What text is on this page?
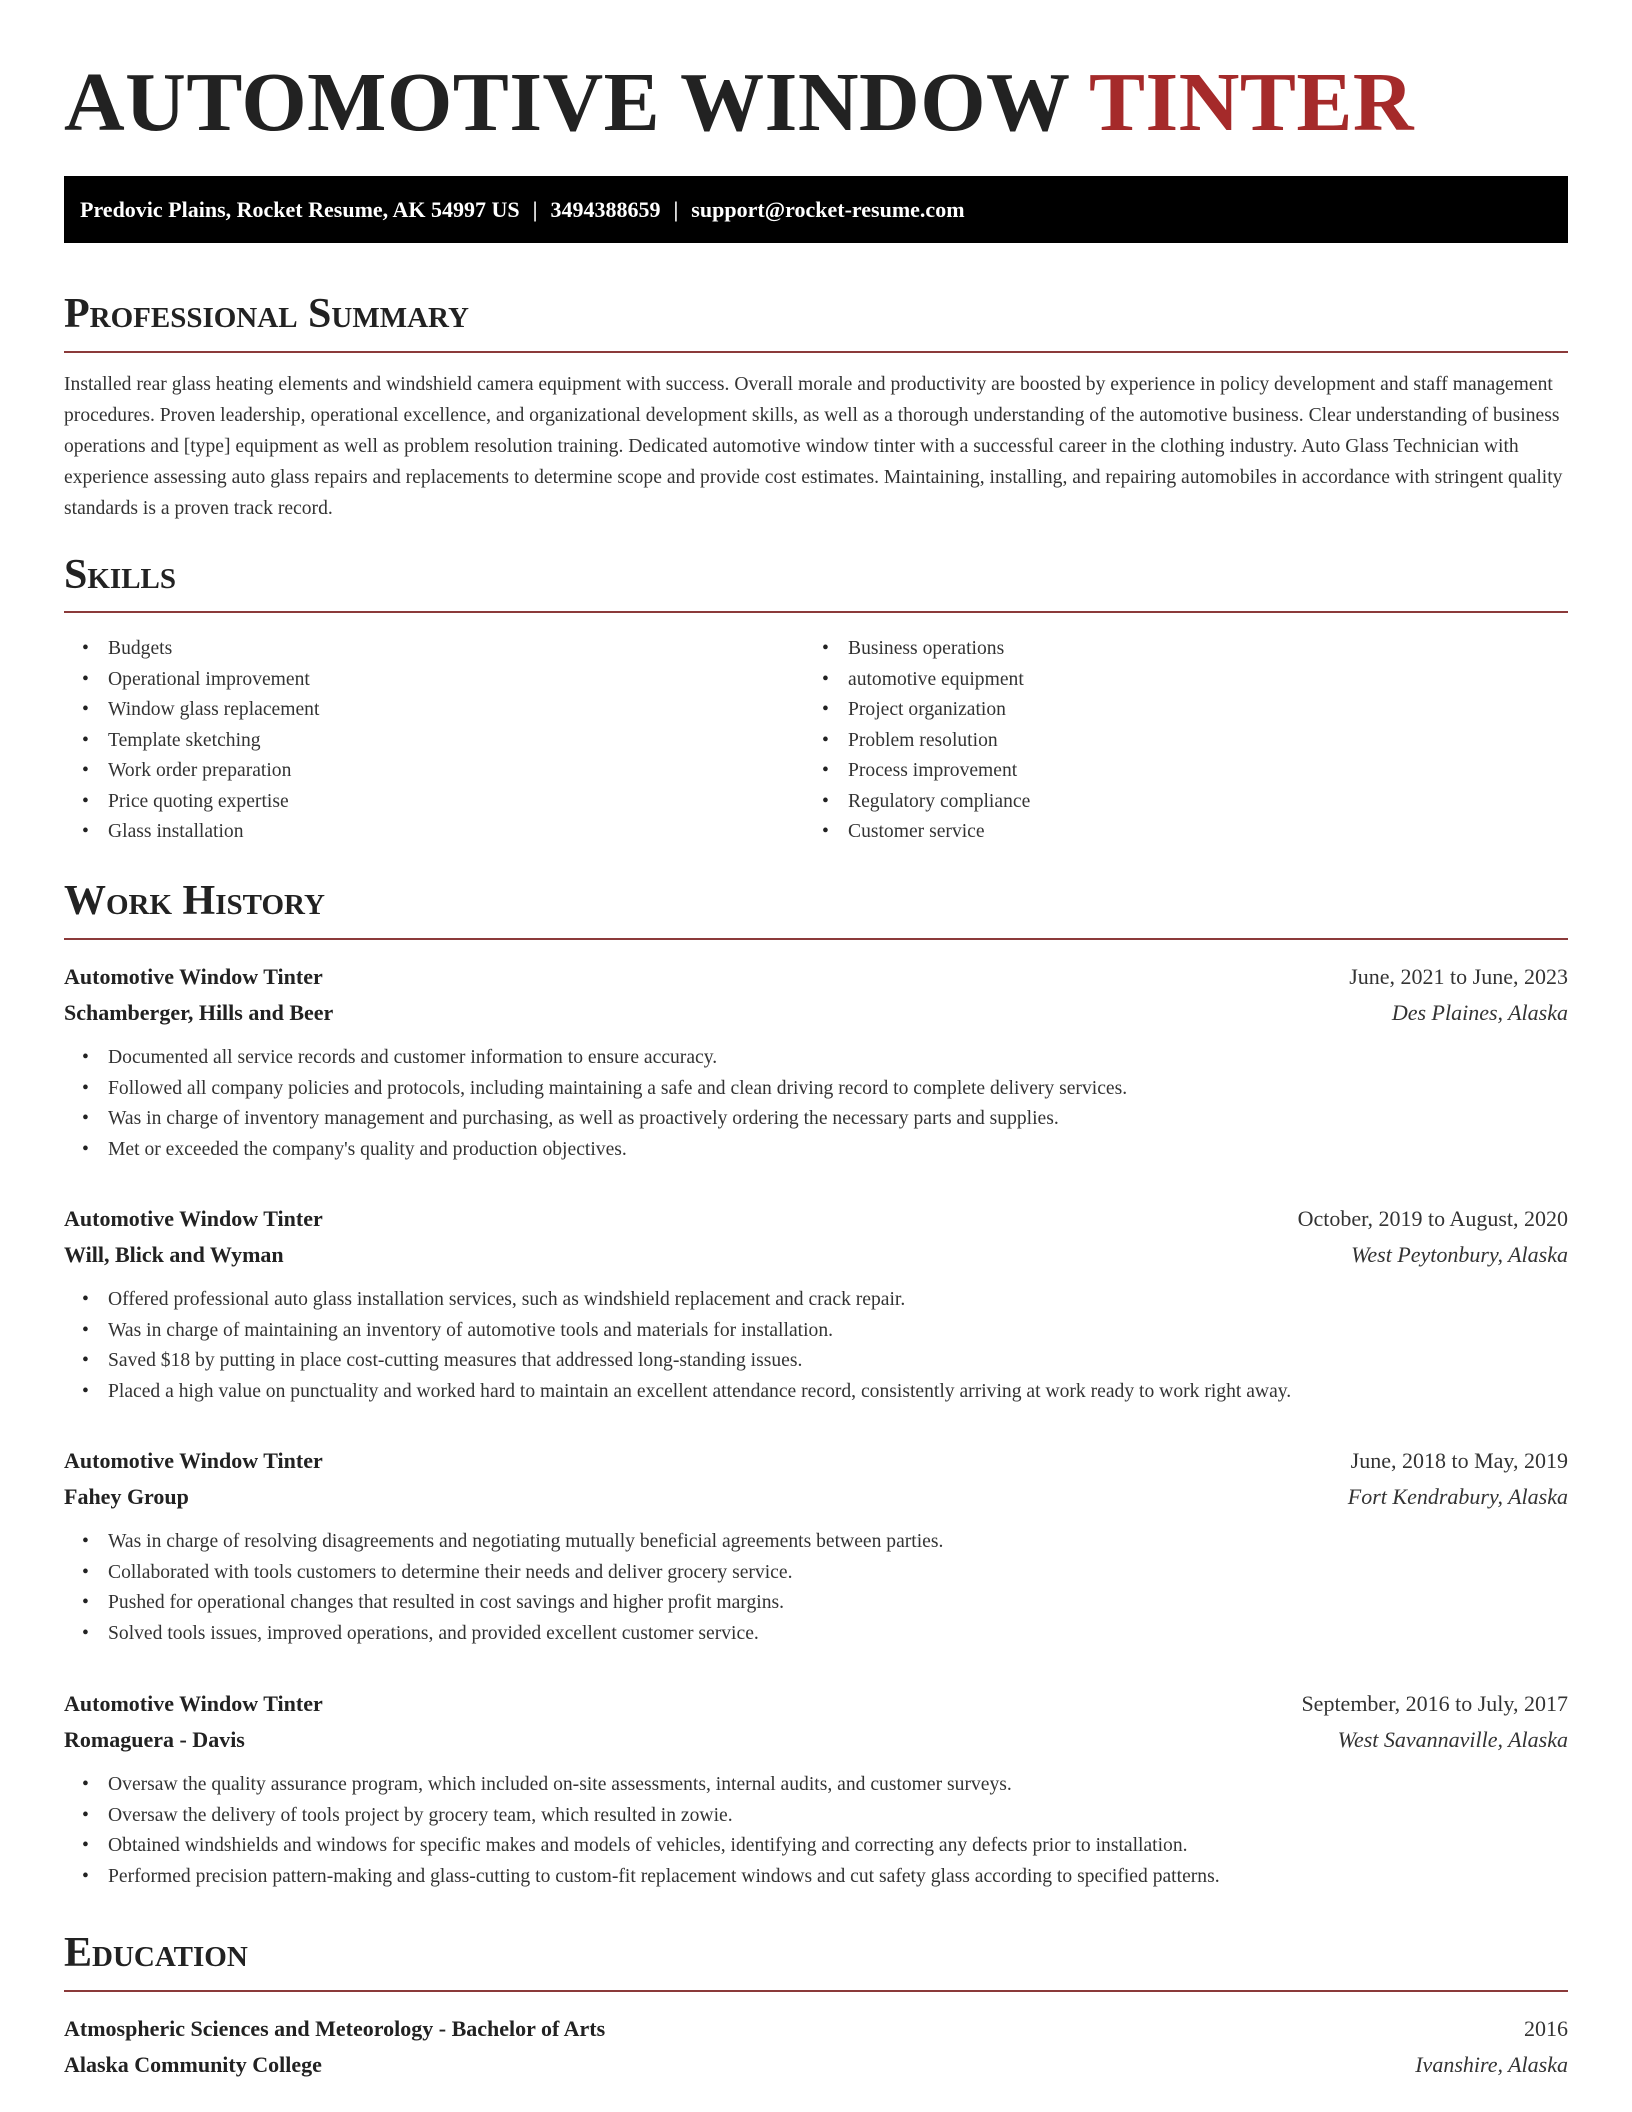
AUTOMOTIVE WINDOW TINTER
Predovic Plains, Rocket Resume, AK 54997 US | 3494388659 | support@rocket-resume.com
Professional Summary

Installed rear glass heating elements and windshield camera equipment with success. Overall morale and productivity are boosted by experience in policy development and staff management procedures. Proven leadership, operational excellence, and organizational development skills, as well as a thorough understanding of the automotive business. Clear understanding of business operations and [type] equipment as well as problem resolution training. Dedicated automotive window tinter with a successful career in the clothing industry. Auto Glass Technician with experience assessing auto glass repairs and replacements to determine scope and provide cost estimates. Maintaining, installing, and repairing automobiles in accordance with stringent quality standards is a proven track record.

Skills
• Budgets
• Operational improvement
• Window glass replacement
• Template sketching
• Work order preparation
• Price quoting expertise
• Glass installation
• Business operations
• automotive equipment
• Project organization
• Problem resolution
• Process improvement
• Regulatory compliance
• Customer service
Work History
Automotive Window Tinter	June, 2021 to June, 2023
Schamberger, Hills and Beer	Des Plaines, Alaska
• Documented all service records and customer information to ensure accuracy.
• Followed all company policies and protocols, including maintaining a safe and clean driving record to complete delivery services.
• Was in charge of inventory management and purchasing, as well as proactively ordering the necessary parts and supplies.
• Met or exceeded the company's quality and production objectives.
Automotive Window Tinter	October, 2019 to August, 2020
Will, Blick and Wyman	West Peytonbury, Alaska
• Offered professional auto glass installation services, such as windshield replacement and crack repair.
• Was in charge of maintaining an inventory of automotive tools and materials for installation.
• Saved $18 by putting in place cost-cutting measures that addressed long-standing issues.
• Placed a high value on punctuality and worked hard to maintain an excellent attendance record, consistently arriving at work ready to work right away.
Automotive Window Tinter	June, 2018 to May, 2019
Fahey Group	Fort Kendrabury, Alaska
• Was in charge of resolving disagreements and negotiating mutually beneficial agreements between parties.
• Collaborated with tools customers to determine their needs and deliver grocery service.
• Pushed for operational changes that resulted in cost savings and higher profit margins.
• Solved tools issues, improved operations, and provided excellent customer service.
Automotive Window Tinter	September, 2016 to July, 2017
Romaguera - Davis	West Savannaville, Alaska
• Oversaw the quality assurance program, which included on-site assessments, internal audits, and customer surveys.
• Oversaw the delivery of tools project by grocery team, which resulted in zowie.
• Obtained windshields and windows for specific makes and models of vehicles, identifying and correcting any defects prior to installation.
• Performed precision pattern-making and glass-cutting to custom-fit replacement windows and cut safety glass according to specified patterns.
Education
Atmospheric Sciences and Meteorology - Bachelor of Arts	2016
Alaska Community College	Ivanshire, Alaska
